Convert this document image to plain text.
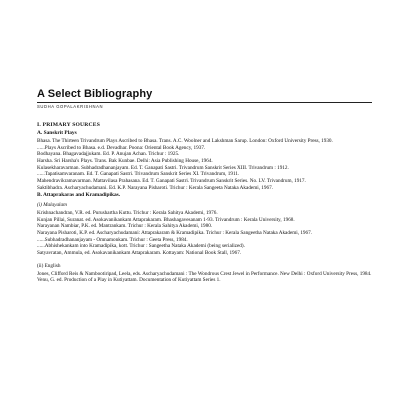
A Select Bibliography
SUDHA GOPALAKRISHNAN
I. PRIMARY SOURCES
A. Sanskrit Plays
Bhasa. The Thirteen Trivandrum Plays Ascribed to Bhasa. Trans. A.C. Woolner and Lakshman Sarup. London: Oxford University Press, 1930.
......Plays Ascribed to Bhasa. e.d. Devadhar. Poona: Oriental Book Agency, 1937.
Bodhayana. Bhagavadajjukam. Ed. P. Anujan Achan. Trichur : 1925.
Harsha. Sri Harsha's Plays. Trans. Bak Kunbae. Delhi: Asia Publishing House, 1964.
Kulasekharavarman. Subhadradhananjayam. Ed. T. Ganapati Sastri. Trivandrum Sanskrit Series XIII. Trivandrum : 1912.
......Tapatisamvaranam. Ed. T. Ganapati Sastri. Trivandrum Sanskrit Series XI. Trivandrum, 1911.
Mahendravikramavarman. Mattavilasa Prahasana. Ed. T. Ganapati Sastri. Trivandrum Sanskrit Series. No. LV. Trivandrum, 1917.
Saktibhadra. Ascharyachudamani. Ed. K.P. Narayana Pisharoti. Trichur : Kerala Sangeeta Nataka Akademi, 1967.
B. Attaprakaras and Kramadipikas.
(i) Malayalam
Krishnachandran, V.R. ed. Purushartha Kuttu. Trichur : Kerala Sahitya Akademi, 1976.
Kunjan Pillai, Suranat. ed. Asokavanikankam Attaprakaram. Bhashagavesanam 1-93. Trivandrum : Kerala University, 1968.
Narayanan Nambiar, P.K. ed. Mantrankam. Trichur : Kerala Sahitya Akademi, 1980.
Narayana Pisharoti, K.P. ed. Ascharyachudamani: Attaprakaram & Kramadipika. Trichur : Kerala Sangeetha Nataka Akademi, 1967.
......Subhadradhananjayam - Omnamonkam. Trichur : Geeta Press, 1984.
......Abhishekankam into Kramadipika, kott. Trichur : Sangeetha Nataka Akademi (being serialized).
Satyavratan, Ammula, ed. Asokavanikankam Attaprakaram. Kottayam: National Book Stall, 1967.
(ii) English
Jones, Clifford Reis & Nambootiripad, Leela, eds. Ascharyachudamani : The Wondrous Crest Jewel in Performance. New Delhi : Oxford University Press, 1984.
Venu, G. ed. Production of a Play in Kutiyattam. Documentation of Kutiyattam Series 1.
